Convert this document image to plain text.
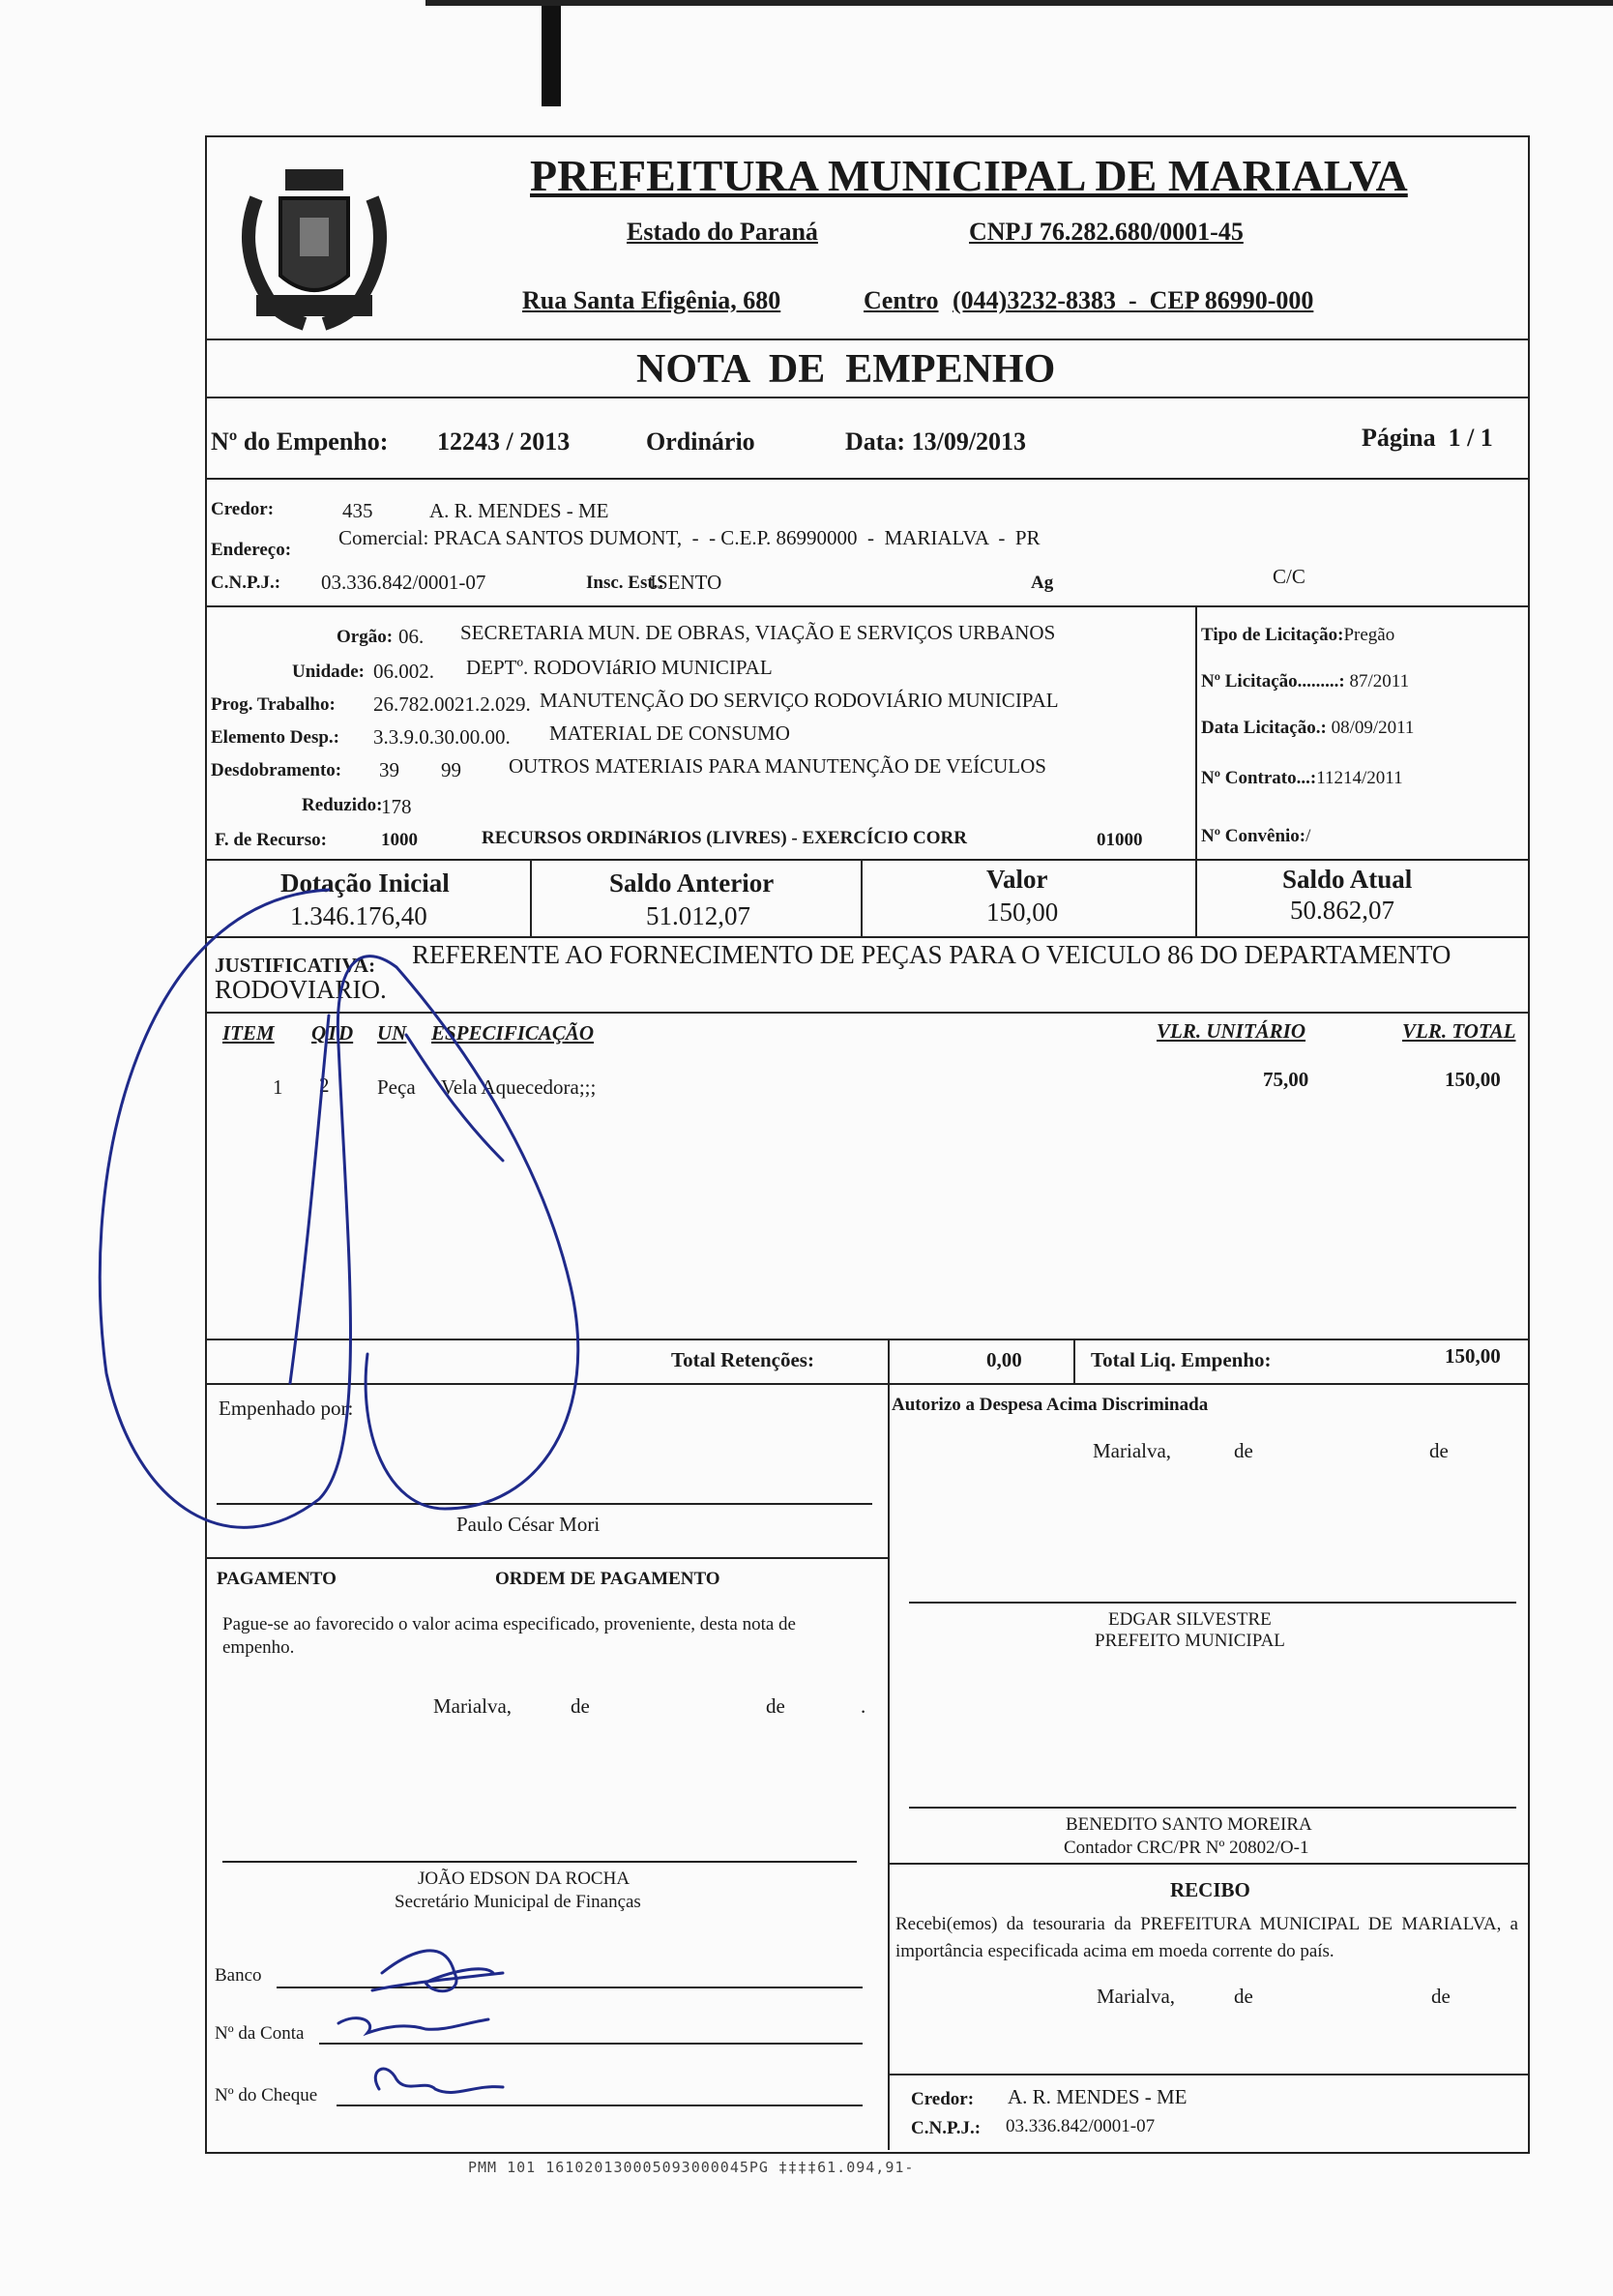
PREFEITURA MUNICIPAL DE MARIALVA
Estado do Paraná	CNPJ 76.282.680/0001-45
Rua Santa Efigênia, 680	Centro (044)3232-8383  -  CEP 86990-000
NOTA  DE  EMPENHO
Nº do Empenho: 12243 / 2013	Ordinário	Data: 13/09/2013	Página  1 / 1
Credor:	435	A. R. MENDES - ME
Endereço:
Comercial: PRACA SANTOS DUMONT,  -  - C.E.P. 86990000  -  MARIALVA  -  PR
C.N.P.J.: 03.336.842/0001-07	Insc. Est.:
ISENTO	Ag	C/C
Orgão: 06. SECRETARIA MUN. DE OBRAS, VIAÇÃO E SERVIÇOS URBANOS
Unidade: 06.002. DEPTº. RODOVIáRIO MUNICIPAL
Prog. Trabalho: 26.782.0021.2.029. MANUTENÇÃO DO SERVIÇO RODOVIÁRIO MUNICIPAL
Elemento Desp.: 3.3.9.0.30.00.00. MATERIAL DE CONSUMO
Desdobramento: 39 99 OUTROS MATERIAIS PARA MANUTENÇÃO DE VEÍCULOS
Reduzido:
178
F. de Recurso:	1000	RECURSOS ORDINáRIOS (LIVRES) - EXERCÍCIO CORR	01000
Tipo de Licitação:Pregão
Nº Licitação.........: 87/2011
Data Licitação.: 08/09/2011
Nº Contrato...:11214/2011
Nº Convênio:/
Dotação Inicial
1.346.176,40
Saldo Anterior
51.012,07
Valor
150,00
Saldo Atual
50.862,07
JUSTIFICATIVA: REFERENTE AO FORNECIMENTO DE PEÇAS PARA O VEICULO 86 DO DEPARTAMENTO
RODOVIARIO.
ITEM QTD UN ESPECIFICAÇÃO	VLR. UNITÁRIO	VLR. TOTAL
1 2 Peça Vela Aquecedora;;;	75,00	150,00
Total Retenções:	0,00	Total Liq. Empenho:	150,00
Empenhado por:
Paulo César Mori
Autorizo a Despesa Acima Discriminada
Marialva,	de	de
EDGAR SILVESTRE
PREFEITO MUNICIPAL
BENEDITO SANTO MOREIRA
Contador CRC/PR Nº 20802/O-1
PAGAMENTO	ORDEM DE PAGAMENTO
Pague-se ao favorecido o valor acima especificado, proveniente, desta nota de empenho.
Marialva,	de	de	.
JOÃO EDSON DA ROCHA
Secretário Municipal de Finanças
Banco
Nº da Conta
Nº do Cheque
RECIBO
Recebi(emos) da tesouraria da PREFEITURA MUNICIPAL DE MARIALVA, a importância especificada acima em moeda corrente do país.
Marialva,	de	de
Credor: A. R. MENDES - ME
C.N.P.J.: 03.336.842/0001-07
PMM 101 161020130005093000045PG ‡‡‡‡61.094,91-
